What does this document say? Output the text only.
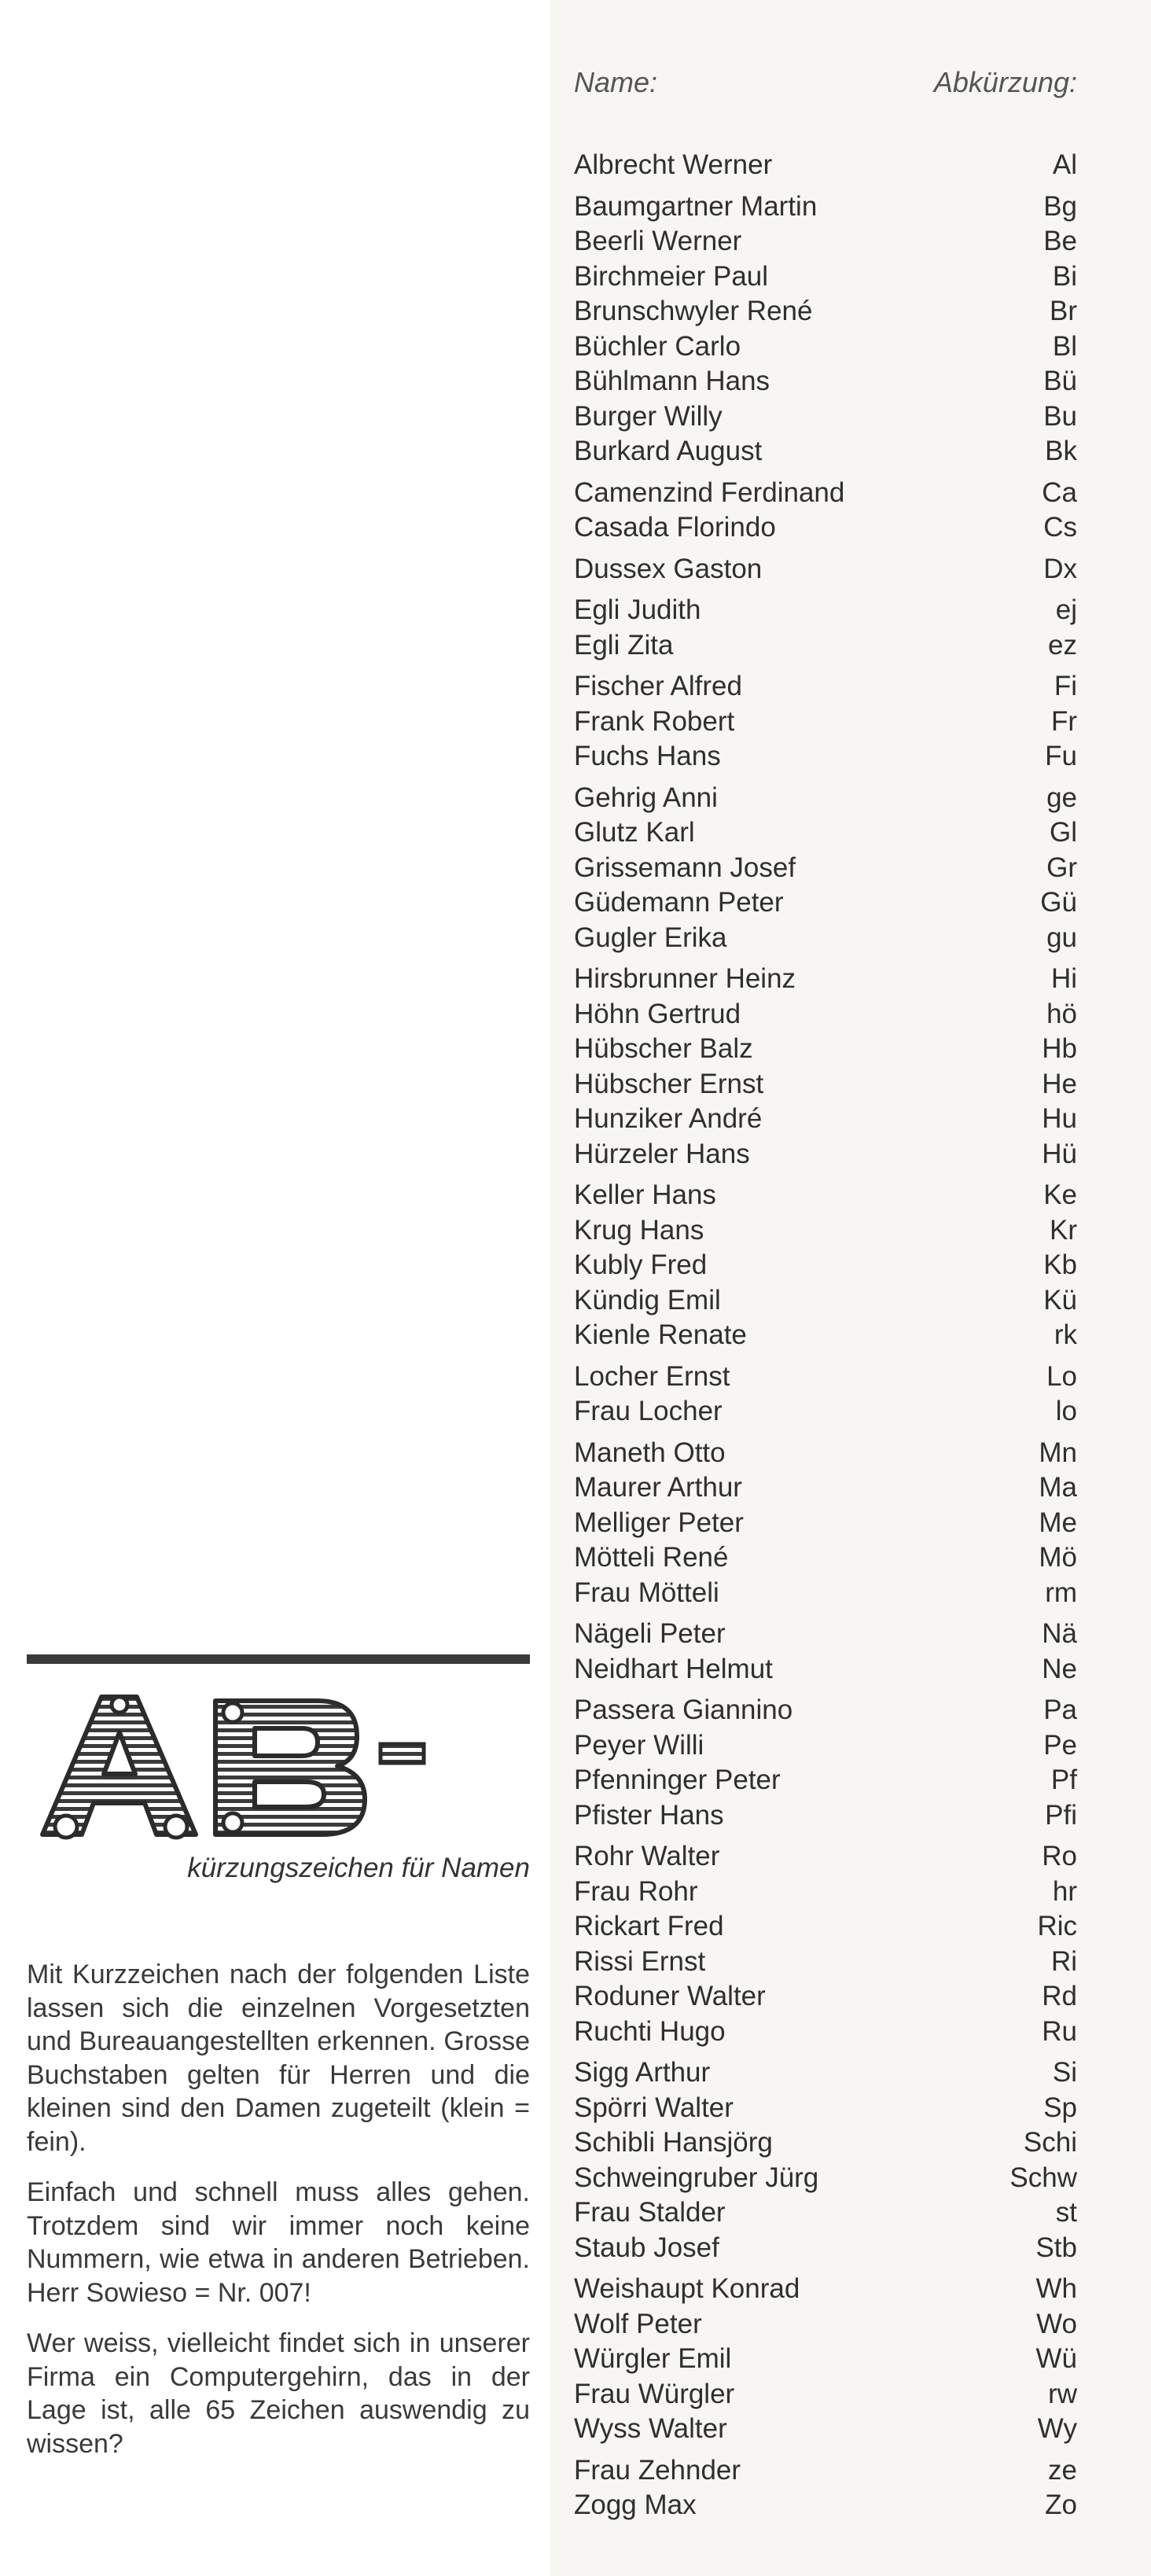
Name:	Abkürzung:
Albrecht Werner	Al
Baumgartner Martin	Bg
Beerli Werner	Be
Birchmeier Paul	Bi
Brunschwyler René	Br
Büchler Carlo	Bl
Bühlmann Hans	Bü
Burger Willy	Bu
Burkard August	Bk
Camenzind Ferdinand	Ca
Casada Florindo	Cs
Dussex Gaston	Dx
Egli Judith	ej
Egli Zita	ez
Fischer Alfred	Fi
Frank Robert	Fr
Fuchs Hans	Fu
Gehrig Anni	ge
Glutz Karl	Gl
Grissemann Josef	Gr
Güdemann Peter	Gü
Gugler Erika	gu
Hirsbrunner Heinz	Hi
Höhn Gertrud	hö
Hübscher Balz	Hb
Hübscher Ernst	He
Hunziker André	Hu
Hürzeler Hans	Hü
Keller Hans	Ke
Krug Hans	Kr
Kubly Fred	Kb
Kündig Emil	Kü
Kienle Renate	rk
Locher Ernst	Lo
Frau Locher	lo
Maneth Otto	Mn
Maurer Arthur	Ma
Melliger Peter	Me
Mötteli René	Mö
Frau Mötteli	rm
Nägeli Peter	Nä
Neidhart Helmut	Ne
Passera Giannino	Pa
Peyer Willi	Pe
Pfenninger Peter	Pf
Pfister Hans	Pfi
Rohr Walter	Ro
Frau Rohr	hr
Rickart Fred	Ric
Rissi Ernst	Ri
Roduner Walter	Rd
Ruchti Hugo	Ru
Sigg Arthur	Si
Spörri Walter	Sp
Schibli Hansjörg	Schi
Schweingruber Jürg	Schw
Frau Stalder	st
Staub Josef	Stb
Weishaupt Konrad	Wh
Wolf Peter	Wo
Würgler Emil	Wü
Frau Würgler	rw
Wyss Walter	Wy
Frau Zehnder	ze
Zogg Max	Zo
kürzungszeichen für Namen

Mit Kurzzeichen nach der folgenden Liste lassen sich die einzelnen Vorgesetzten und Bureauangestellten erkennen. Grosse Buchstaben gelten für Herren und die kleinen sind den Damen zugeteilt (klein = fein).

Einfach und schnell muss alles gehen. Trotzdem sind wir immer noch keine Nummern, wie etwa in anderen Betrieben. Herr Sowieso = Nr. 007!

Wer weiss, vielleicht findet sich in unserer Firma ein Computergehirn, das in der Lage ist, alle 65 Zeichen auswendig zu wissen?
